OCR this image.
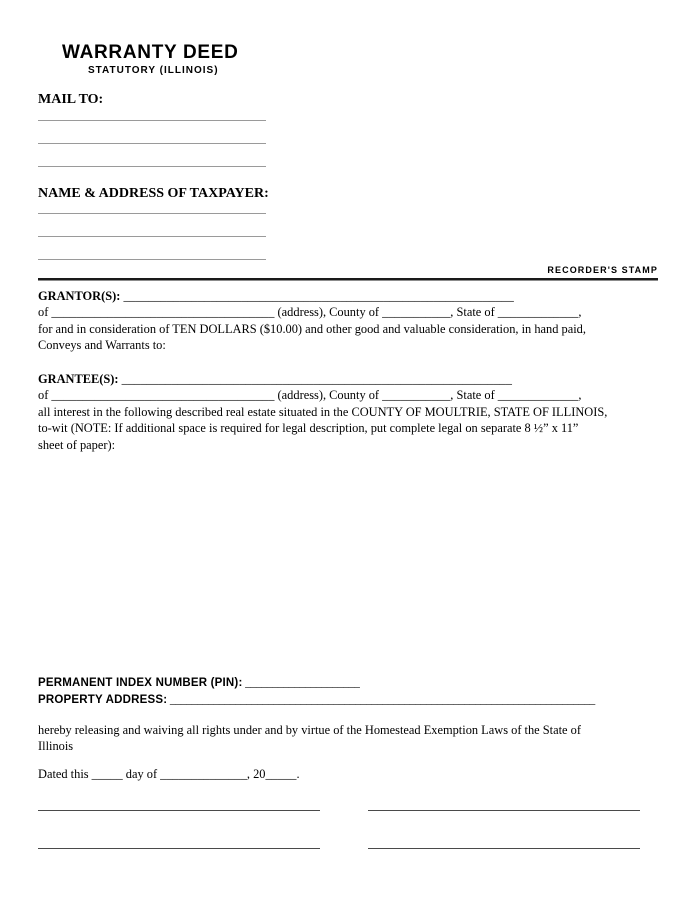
WARRANTY DEED
STATUTORY (ILLINOIS)
MAIL TO:
NAME & ADDRESS OF TAXPAYER:
RECORDER'S STAMP
GRANTOR(S): _______________________________________________________________
of ____________________________________ (address), County of ___________, State of _____________,
for and in consideration of TEN DOLLARS ($10.00) and other good and valuable consideration, in hand paid,
Conveys and Warrants to:
GRANTEE(S): _______________________________________________________________
of ____________________________________ (address), County of ___________, State of _____________,
all interest in the following described real estate situated in the COUNTY OF MOULTRIE, STATE OF ILLINOIS,
to-wit (NOTE: If additional space is required for legal description, put complete legal on separate 8 ½” x 11”
sheet of paper):
PERMANENT INDEX NUMBER (PIN): _____________________
PROPERTY ADDRESS: ______________________________________________________________________________
hereby releasing and waiving all rights under and by virtue of the Homestead Exemption Laws of the State of
Illinois
Dated this _____ day of ______________, 20_____.
